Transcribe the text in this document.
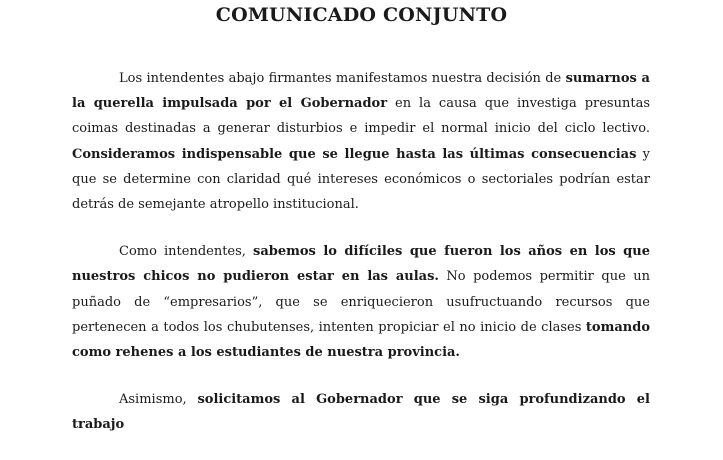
COMUNICADO CONJUNTO

Los intendentes abajo firmantes manifestamos nuestra decisión de sumarnos a la querella impulsada por el Gobernador en la causa que investiga presuntas coimas destinadas a generar disturbios e impedir el normal inicio del ciclo lectivo. Consideramos indispensable que se llegue hasta las últimas consecuencias y que se determine con claridad qué intereses económicos o sectoriales podrían estar detrás de semejante atropello institucional.

Como intendentes, sabemos lo difíciles que fueron los años en los que nuestros chicos no pudieron estar en las aulas. No podemos permitir que un puñado de “empresarios”, que se enriquecieron usufructuando recursos que pertenecen a todos los chubutenses, intenten propiciar el no inicio de clases tomando como rehenes a los estudiantes de nuestra provincia.

Asimismo, solicitamos al Gobernador que se siga profundizando el trabajo
